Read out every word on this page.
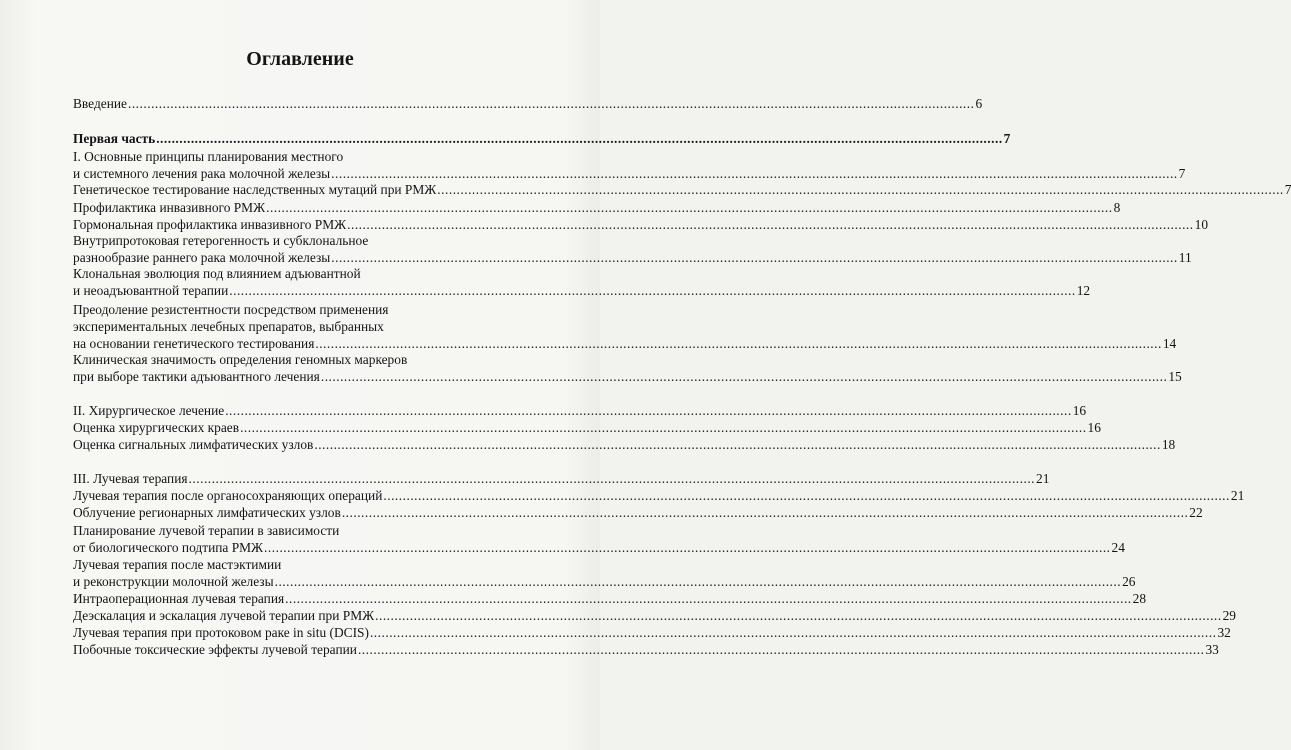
Оглавление
Введение ............................................................................................................................................................................................................................ 6
Первая часть ............................................................................................................................................................................................................................ 7
I. Основные принципы планирования местного
и системного лечения рака молочной железы ............................................................................................................................................................................................................................ 7
Генетическое тестирование наследственных мутаций при РМЖ ............................................................................................................................................................................................................................ 7
Профилактика инвазивного РМЖ ............................................................................................................................................................................................................................ 8
Гормональная профилактика инвазивного РМЖ ............................................................................................................................................................................................................................ 10
Внутрипротоковая гетерогенность и субклональное
разнообразие раннего рака молочной железы ............................................................................................................................................................................................................................ 11
Клональная эволюция под влиянием адъювантной
и неоадъювантной терапии ............................................................................................................................................................................................................................ 12
Преодоление резистентности посредством применения
экспериментальных лечебных препаратов, выбранных
на основании генетического тестирования ............................................................................................................................................................................................................................ 14
Клиническая значимость определения геномных маркеров
при выборе тактики адъювантного лечения ............................................................................................................................................................................................................................ 15
II. Хирургическое лечение ............................................................................................................................................................................................................................ 16
Оценка хирургических краев ............................................................................................................................................................................................................................ 16
Оценка сигнальных лимфатических узлов ............................................................................................................................................................................................................................ 18
III. Лучевая терапия ............................................................................................................................................................................................................................ 21
Лучевая терапия после органосохраняющих операций ............................................................................................................................................................................................................................ 21
Облучение регионарных лимфатических узлов ............................................................................................................................................................................................................................ 22
Планирование лучевой терапии в зависимости
от биологического подтипа РМЖ ............................................................................................................................................................................................................................ 24
Лучевая терапия после мастэктимии
и реконструкции молочной железы ............................................................................................................................................................................................................................ 26
Интраоперационная лучевая терапия ............................................................................................................................................................................................................................ 28
Деэскалация и эскалация лучевой терапии при РМЖ ............................................................................................................................................................................................................................ 29
Лучевая терапия при протоковом раке in situ (DCIS) ............................................................................................................................................................................................................................ 32
Побочные токсические эффекты лучевой терапии ............................................................................................................................................................................................................................ 33
